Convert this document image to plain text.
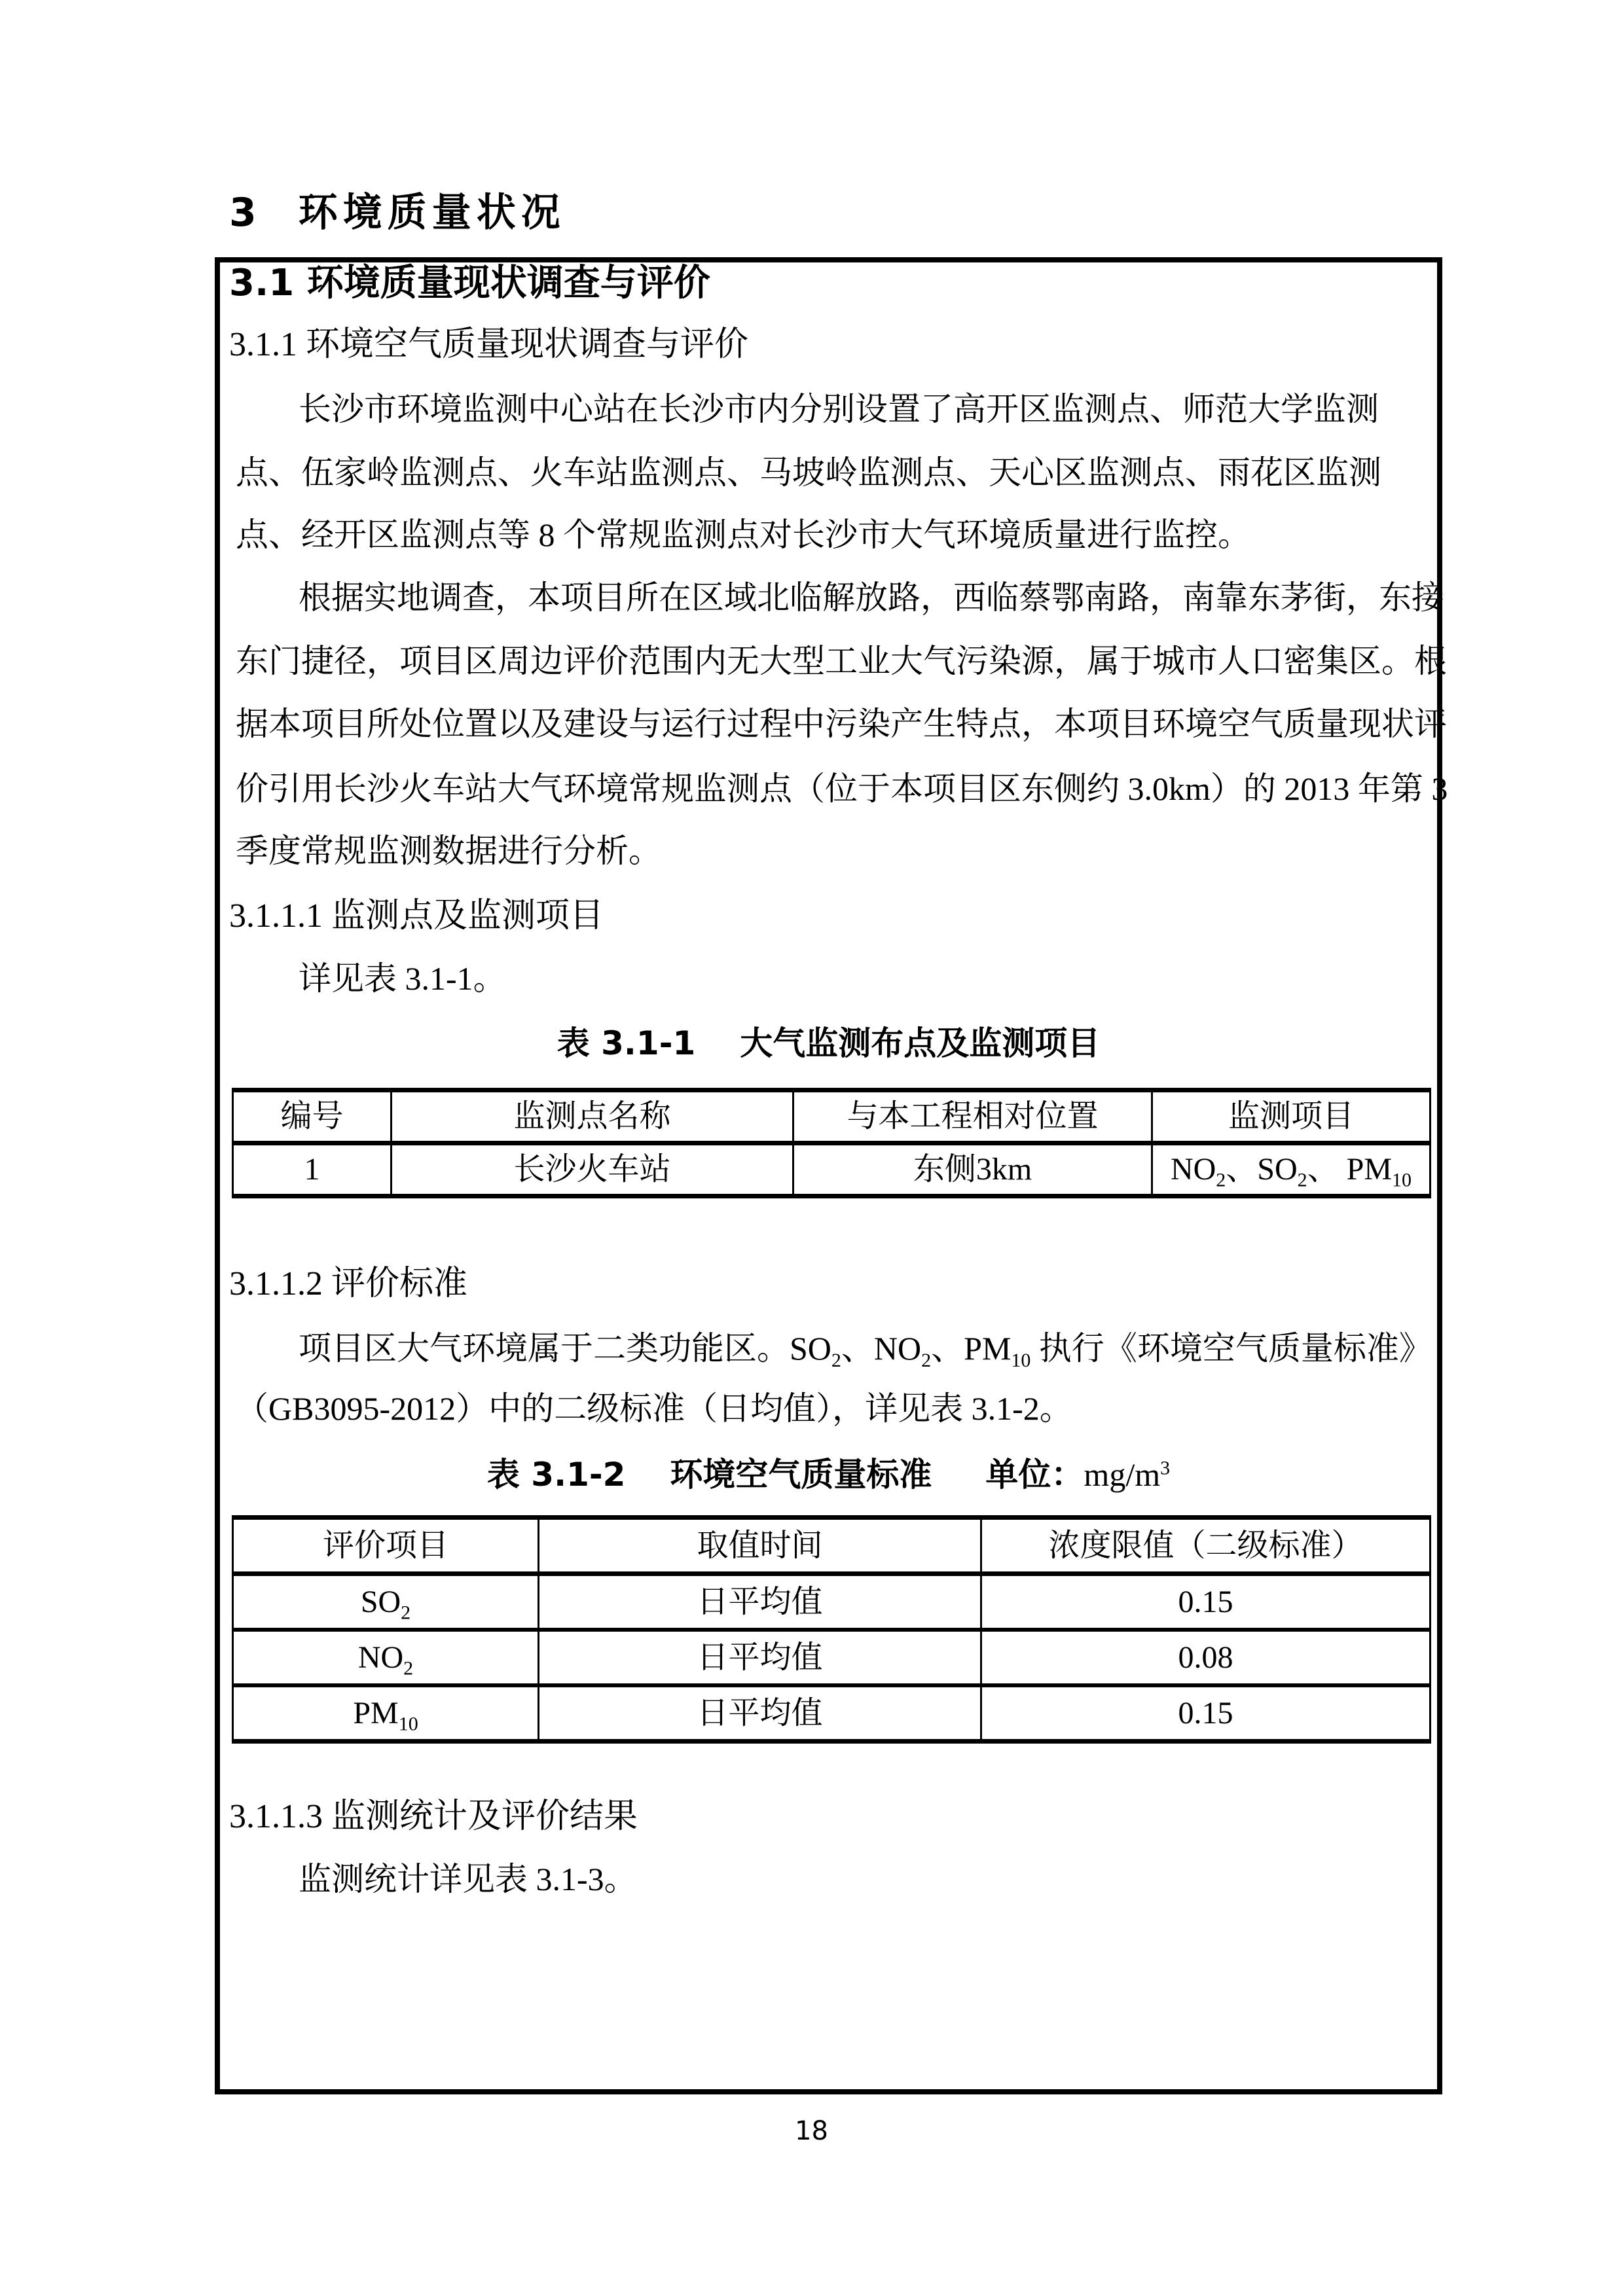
3 环境质量状况
3.1 环境质量现状调查与评价
3.1.1 环境空气质量现状调查与评价
长沙市环境监测中心站在长沙市内分别设置了高开区监测点、师范大学监测
点、伍家岭监测点、火车站监测点、马坡岭监测点、天心区监测点、雨花区监测
点、经开区监测点等 8 个常规监测点对长沙市大气环境质量进行监控。
根据实地调查，本项目所在区域北临解放路，西临蔡鄂南路，南靠东茅街，东接
东门捷径，项目区周边评价范围内无大型工业大气污染源，属于城市人口密集区。根
据本项目所处位置以及建设与运行过程中污染产生特点，本项目环境空气质量现状评
价引用长沙火车站大气环境常规监测点（位于本项目区东侧约 3.0km）的 2013 年第 3
季度常规监测数据进行分析。
3.1.1.1 监测点及监测项目
详见表 3.1-1。
表 3.1-1 大气监测布点及监测项目
编号	监测点名称	与本工程相对位置	监测项目
1	长沙火车站	东侧3km	$NO_2$、$SO_2$、 $PM_{10}$
3.1.1.2 评价标准
项目区大气环境属于二类功能区。$SO_2$、$NO_2$、$PM_{10}$ 执行《环境空气质量标准》
（GB3095-2012）中的二级标准（日均值），详见表 3.1-2。
表 3.1-2 环境空气质量标准 单位： $mg/m^3$
评价项目	取值时间	浓度限值（二级标准）
$SO_2$	日平均值	0.15
$NO_2$	日平均值	0.08
$PM_{10}$	日平均值	0.15
3.1.1.3 监测统计及评价结果
监测统计详见表 3.1-3。
18
